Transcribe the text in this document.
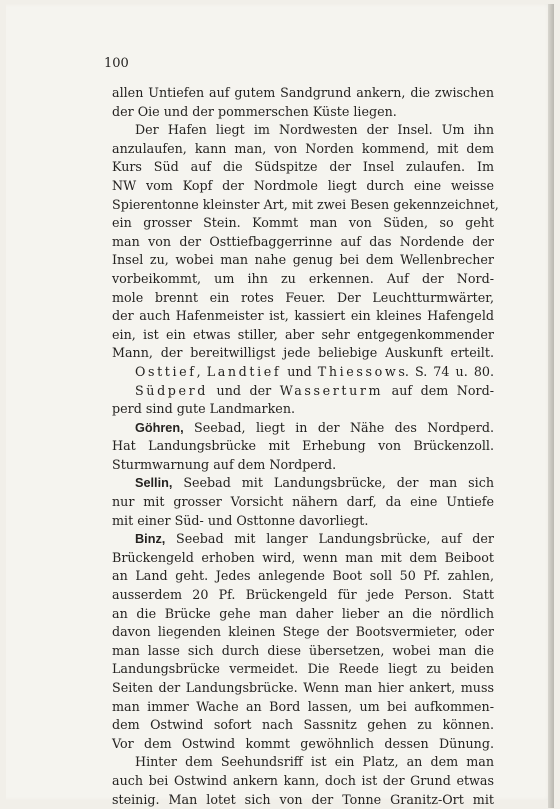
100
allen Untiefen auf gutem Sandgrund ankern, die zwischen
der Oie und der pommerschen Küste liegen.
Der Hafen liegt im Nordwesten der Insel. Um ihn
anzulaufen, kann man, von Norden kommend, mit dem
Kurs Süd auf die Südspitze der Insel zulaufen. Im
NW vom Kopf der Nordmole liegt durch eine weisse
Spierentonne kleinster Art, mit zwei Besen gekennzeichnet,
ein grosser Stein. Kommt man von Süden, so geht
man von der Osttiefbaggerrinne auf das Nordende der
Insel zu, wobei man nahe genug bei dem Wellenbrecher
vorbeikommt, um ihn zu erkennen. Auf der Nord-
mole brennt ein rotes Feuer. Der Leuchtturmwärter,
der auch Hafenmeister ist, kassiert ein kleines Hafengeld
ein, ist ein etwas stiller, aber sehr entgegenkommender
Mann, der bereitwilligst jede beliebige Auskunft erteilt.
Osttief, Landtief und Thiessows. S. 74 u. 80.
Südperd und der Wasserturm auf dem Nord-
perd sind gute Landmarken.
Göhren, Seebad, liegt in der Nähe des Nordperd.
Hat Landungsbrücke mit Erhebung von Brückenzoll.
Sturmwarnung auf dem Nordperd.
Sellin, Seebad mit Landungsbrücke, der man sich
nur mit grosser Vorsicht nähern darf, da eine Untiefe
mit einer Süd- und Osttonne davorliegt.
Binz, Seebad mit langer Landungsbrücke, auf der
Brückengeld erhoben wird, wenn man mit dem Beiboot
an Land geht. Jedes anlegende Boot soll 50 Pf. zahlen,
ausserdem 20 Pf. Brückengeld für jede Person. Statt
an die Brücke gehe man daher lieber an die nördlich
davon liegenden kleinen Stege der Bootsvermieter, oder
man lasse sich durch diese übersetzen, wobei man die
Landungsbrücke vermeidet. Die Reede liegt zu beiden
Seiten der Landungsbrücke. Wenn man hier ankert, muss
man immer Wache an Bord lassen, um bei aufkommen-
dem Ostwind sofort nach Sassnitz gehen zu können.
Vor dem Ostwind kommt gewöhnlich dessen Dünung.
Hinter dem Seehundsriff ist ein Platz, an dem man
auch bei Ostwind ankern kann, doch ist der Grund etwas
steinig. Man lotet sich von der Tonne Granitz-Ort mit
